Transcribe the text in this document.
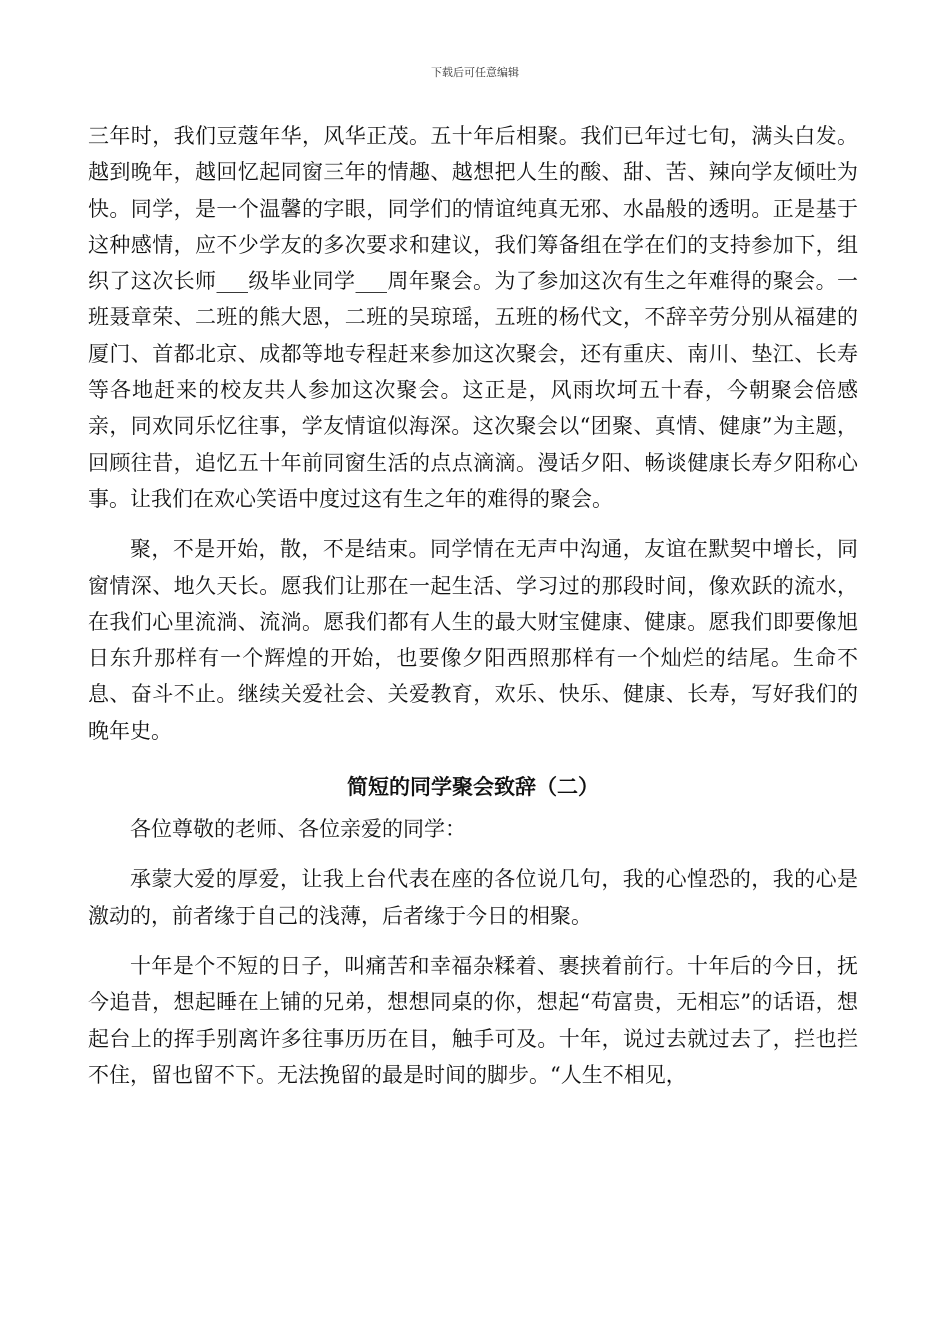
下载后可任意编辑

三年时，我们豆蔻年华，风华正茂。五十年后相聚。我们已年过七旬，满头白发。越到晚年，越回忆起同窗三年的情趣、越想把人生的酸、甜、苦、辣向学友倾吐为快。同学，是一个温馨的字眼，同学们的情谊纯真无邪、水晶般的透明。正是基于这种感情，应不少学友的多次要求和建议，我们筹备组在学在们的支持参加下，组织了这次长师___级毕业同学___周年聚会。为了参加这次有生之年难得的聚会。一班聂章荣、二班的熊大恩，二班的吴琼瑶，五班的杨代文，不辞辛劳分别从福建的厦门、首都北京、成都等地专程赶来参加这次聚会，还有重庆、南川、垫江、长寿等各地赶来的校友共人参加这次聚会。这正是，风雨坎坷五十春，今朝聚会倍感亲，同欢同乐忆往事，学友情谊似海深。这次聚会以“团聚、真情、健康”为主题，回顾往昔，追忆五十年前同窗生活的点点滴滴。漫话夕阳、畅谈健康长寿夕阳称心事。让我们在欢心笑语中度过这有生之年的难得的聚会。

聚，不是开始，散，不是结束。同学情在无声中沟通，友谊在默契中增长，同窗情深、地久天长。愿我们让那在一起生活、学习过的那段时间，像欢跃的流水，在我们心里流淌、流淌。愿我们都有人生的最大财宝健康、健康。愿我们即要像旭日东升那样有一个辉煌的开始，也要像夕阳西照那样有一个灿烂的结尾。生命不息、奋斗不止。继续关爱社会、关爱教育，欢乐、快乐、健康、长寿，写好我们的晚年史。

简短的同学聚会致辞（二）

各位尊敬的老师、各位亲爱的同学：

承蒙大爱的厚爱，让我上台代表在座的各位说几句，我的心惶恐的，我的心是激动的，前者缘于自己的浅薄，后者缘于今日的相聚。

十年是个不短的日子，叫痛苦和幸福杂糅着、裹挟着前行。十年后的今日，抚今追昔，想起睡在上铺的兄弟，想想同桌的你，想起“苟富贵，无相忘”的话语，想起台上的挥手别离许多往事历历在目，触手可及。十年，说过去就过去了，拦也拦不住，留也留不下。无法挽留的最是时间的脚步。“人生不相见，
